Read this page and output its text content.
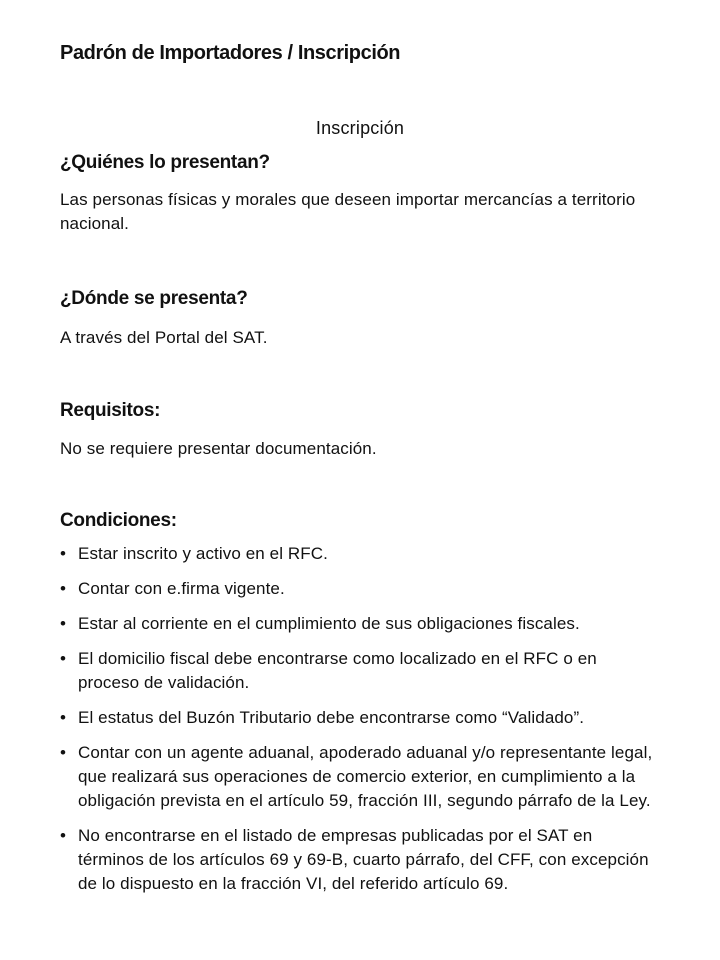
Padrón de Importadores / Inscripción
Inscripción
¿Quiénes lo presentan?
Las personas físicas y morales que deseen importar mercancías a territorio nacional.
¿Dónde se presenta?
A través del Portal del SAT.
Requisitos:
No se requiere presentar documentación.
Condiciones:
• Estar inscrito y activo en el RFC.
• Contar con e.firma vigente.
• Estar al corriente en el cumplimiento de sus obligaciones fiscales.
• El domicilio fiscal debe encontrarse como localizado en el RFC o en proceso de validación.
• El estatus del Buzón Tributario debe encontrarse como “Validado”.
• Contar con un agente aduanal, apoderado aduanal y/o representante legal, que realizará sus operaciones de comercio exterior, en cumplimiento a la obligación prevista en el artículo 59, fracción III, segundo párrafo de la Ley.
• No encontrarse en el listado de empresas publicadas por el SAT en términos de los artículos 69 y 69-B, cuarto párrafo, del CFF, con excepción de lo dispuesto en la fracción VI, del referido artículo 69.
